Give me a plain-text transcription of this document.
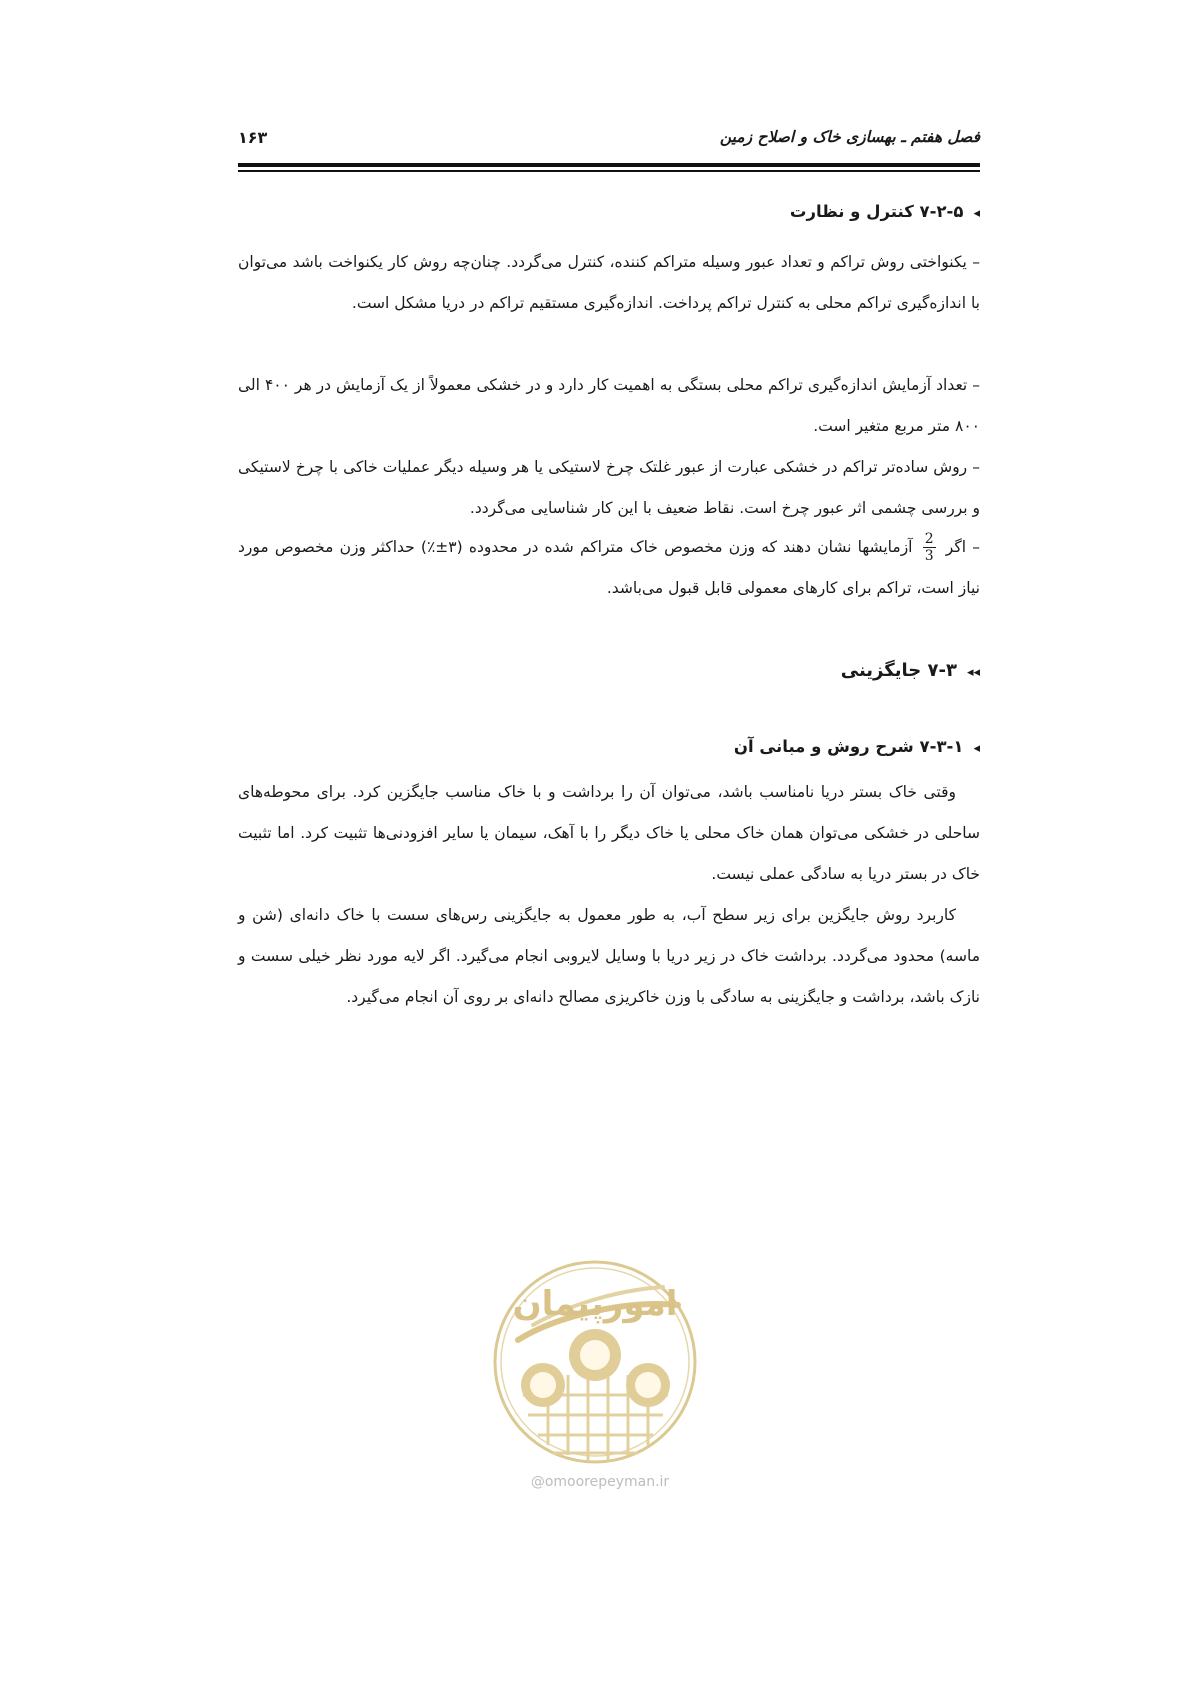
فصل هفتم ـ بهسازی خاک و اصلاح زمین
۱۶۳
◂۷-۲-۵ کنترل و نظارت
– یکنواختی روش تراکم و تعداد عبور وسیله متراکم کننده، کنترل می‌گردد. چنان‌چه روش کار یکنواخت باشد می‌توان با اندازه‌گیری تراکم محلی به کنترل تراکم پرداخت. اندازه‌گیری مستقیم تراکم در دریا مشکل است.
– تعداد آزمایش اندازه‌گیری تراکم محلی بستگی به اهمیت کار دارد و در خشکی معمولاً از یک آزمایش در هر ۴۰۰ الی ۸۰۰ متر مربع متغیر است.
– روش ساده‌تر تراکم در خشکی عبارت از عبور غلتک چرخ لاستیکی یا هر وسیله دیگر عملیات خاکی با چرخ لاستیکی و بررسی چشمی اثر عبور چرخ است. نقاط ضعیف با این کار شناسایی می‌گردد.
– اگر
$\frac{2}{3}$
آزمایشها نشان دهند که وزن مخصوص خاک متراکم شده در محدوده (۳±٪) حداکثر وزن مخصوص مورد نیاز است، تراکم برای کارهای معمولی قابل قبول می‌باشد.
◂◂۷-۳ جایگزینی
◂۷-۳-۱ شرح روش و مبانی آن
وقتی خاک بستر دریا نامناسب باشد، می‌توان آن را برداشت و با خاک مناسب جایگزین کرد. برای محوطه‌های ساحلی در خشکی می‌توان همان خاک محلی یا خاک دیگر را با آهک، سیمان یا سایر افزودنی‌ها تثبیت کرد. اما تثبیت خاک در بستر دریا به سادگی عملی نیست.
کاربرد روش جایگزین برای زیر سطح آب، به طور معمول به جایگزینی رس‌های سست با خاک دانه‌ای (شن و ماسه) محدود می‌گردد. برداشت خاک در زیر دریا با وسایل لایروبی انجام می‌گیرد. اگر لایه مورد نظر خیلی سست و نازک باشد، برداشت و جایگزینی به سادگی با وزن خاکریزی مصالح دانه‌ای بر روی آن انجام می‌گیرد.
امورپیمان
@omoorepeyman.ir
